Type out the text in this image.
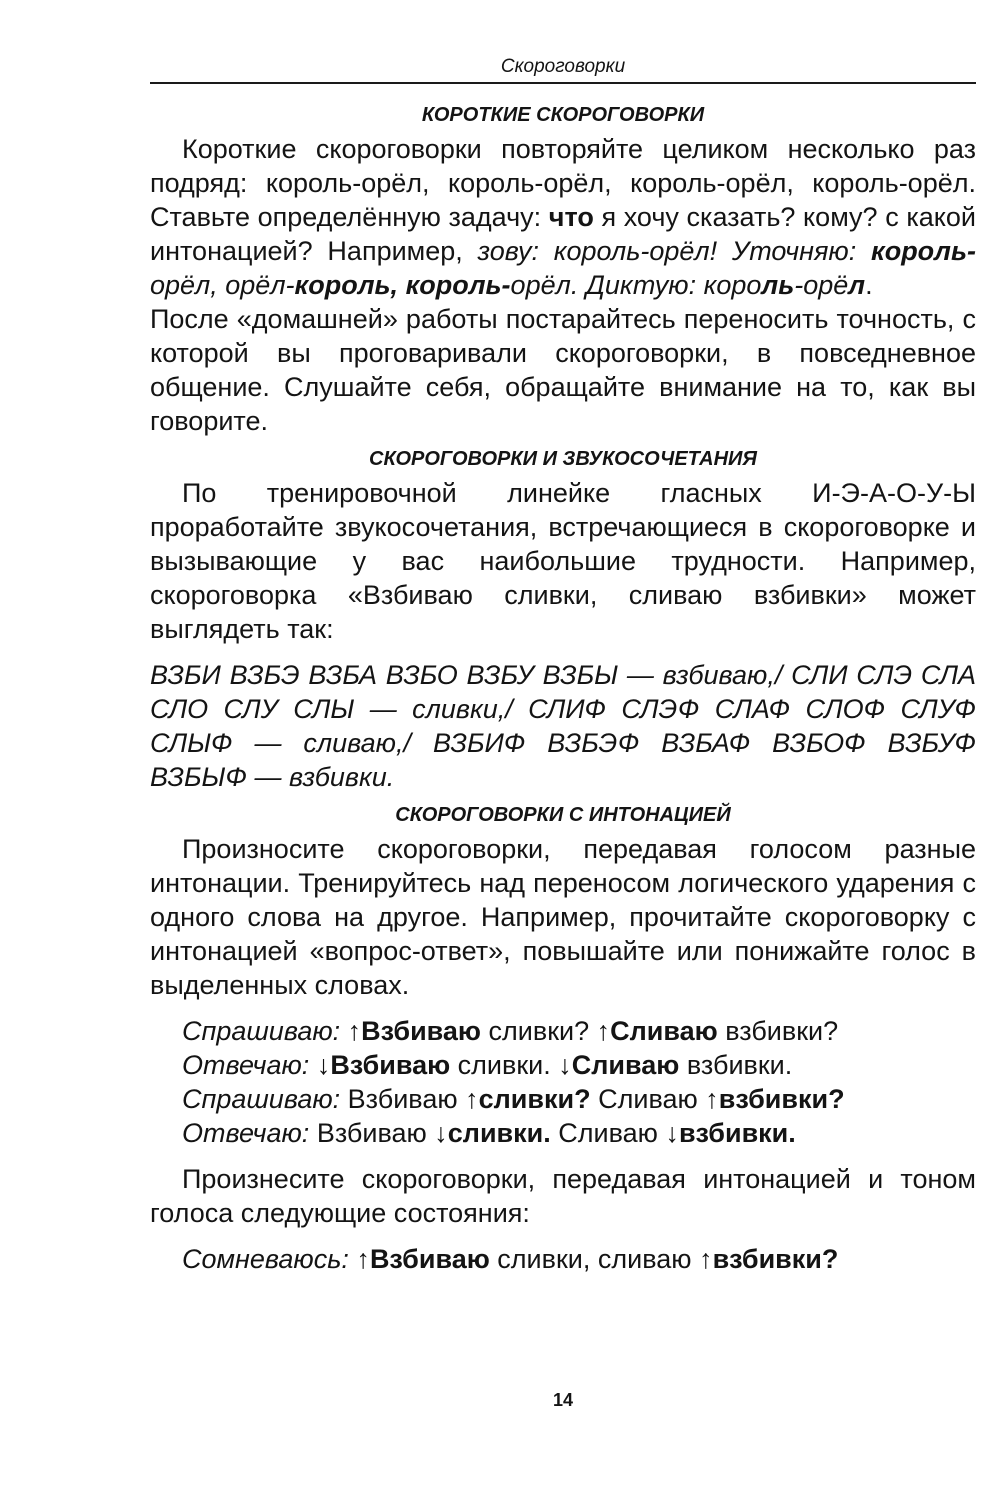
Скороговорки
КОРОТКИЕ СКОРОГОВОРКИ

Короткие скороговорки повторяйте целиком несколько раз подряд: король-орёл, король-орёл, король-орёл, король-орёл. Ставьте определённую задачу: что я хочу сказать? кому? с какой интонацией? Например, зову: король-орёл! Уточняю: король-орёл, орёл-король, король-орёл. Диктую: король-орёл.

После «домашней» работы постарайтесь переносить точность, с которой вы проговаривали скороговорки, в повседневное общение. Слушайте себя, обращайте внимание на то, как вы говорите.

СКОРОГОВОРКИ И ЗВУКОСОЧЕТАНИЯ

По тренировочной линейке гласных И-Э-А-О-У-Ы проработайте звукосочетания, встречающиеся в скороговорке и вызывающие у вас наибольшие трудности. Например, скороговорка «Взбиваю сливки, сливаю взбивки» может выглядеть так:

ВЗБИ ВЗБЭ ВЗБА ВЗБО ВЗБУ ВЗБЫ — взбиваю,/ СЛИ СЛЭ СЛА СЛО СЛУ СЛЫ — сливки,/ СЛИФ СЛЭФ СЛАФ СЛОФ СЛУФ СЛЫФ — сливаю,/ ВЗБИФ ВЗБЭФ ВЗБАФ ВЗБОФ ВЗБУФ ВЗБЫФ — взбивки.

СКОРОГОВОРКИ С ИНТОНАЦИЕЙ

Произносите скороговорки, передавая голосом разные интонации. Тренируйтесь над переносом логического ударения с одного слова на другое. Например, прочитайте скороговорку с интонацией «вопрос-ответ», повышайте или понижайте голос в выделенных словах.

Спрашиваю: ↑Взбиваю сливки? ↑Сливаю взбивки?
Отвечаю: ↓Взбиваю сливки. ↓Сливаю взбивки.
Спрашиваю: Взбиваю ↑сливки? Сливаю ↑взбивки?
Отвечаю: Взбиваю ↓сливки. Сливаю ↓взбивки.

Произнесите скороговорки, передавая интонацией и тоном голоса следующие состояния:

Сомневаюсь: ↑Взбиваю сливки, сливаю ↑взбивки?
14
